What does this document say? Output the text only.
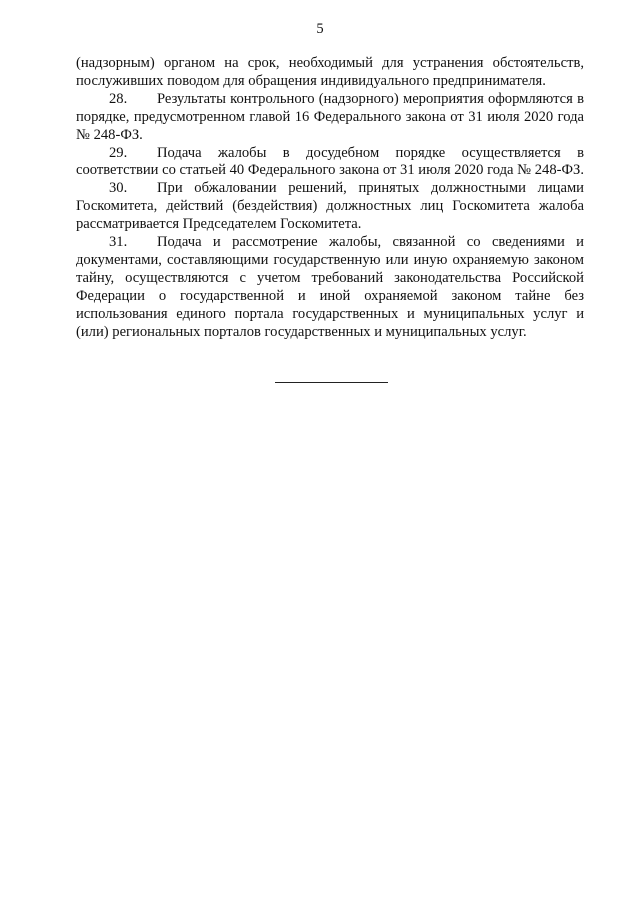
5

(надзорным) органом на срок, необходимый для устранения обстоятельств, послуживших поводом для обращения индивидуального предпринимателя.

28. Результаты контрольного (надзорного) мероприятия оформляются в порядке, предусмотренном главой 16 Федерального закона от 31 июля 2020 года № 248-ФЗ.

29. Подача жалобы в досудебном порядке осуществляется в соответствии со статьей 40 Федерального закона от 31 июля 2020 года № 248-ФЗ.

30. При обжаловании решений, принятых должностными лицами Госкомитета, действий (бездействия) должностных лиц Госкомитета жалоба рассматривается Председателем Госкомитета.

31. Подача и рассмотрение жалобы, связанной со сведениями и документами, составляющими государственную или иную охраняемую законом тайну, осуществляются с учетом требований законодательства Российской Федерации о государственной и иной охраняемой законом тайне без использования единого портала государственных и муниципальных услуг и (или) региональных порталов государственных и муниципальных услуг.
